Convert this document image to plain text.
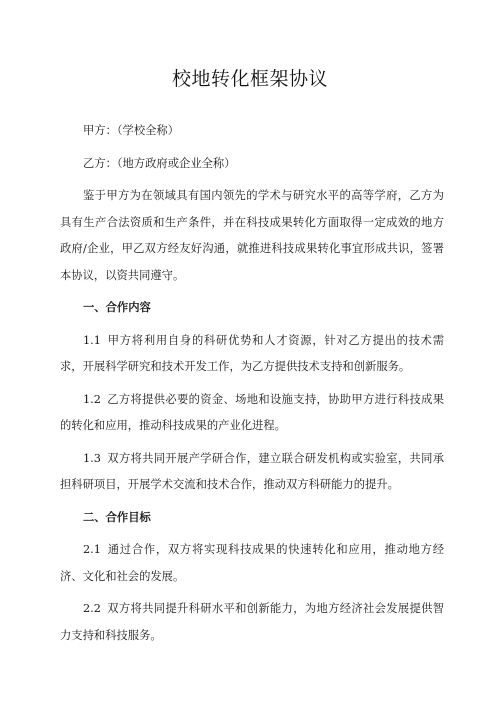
校地转化框架协议

甲方：（学校全称）

乙方：（地方政府或企业全称）

鉴于甲方为在领域具有国内领先的学术与研究水平的高等学府，乙方为具有生产合法资质和生产条件，并在科技成果转化方面取得一定成效的地方政府/企业，甲乙双方经友好沟通，就推进科技成果转化事宜形成共识，签署本协议，以资共同遵守。

一、合作内容

1.1 甲方将利用自身的科研优势和人才资源，针对乙方提出的技术需求，开展科学研究和技术开发工作，为乙方提供技术支持和创新服务。

1.2 乙方将提供必要的资金、场地和设施支持，协助甲方进行科技成果的转化和应用，推动科技成果的产业化进程。

1.3 双方将共同开展产学研合作，建立联合研发机构或实验室，共同承担科研项目，开展学术交流和技术合作，推动双方科研能力的提升。

二、合作目标

2.1 通过合作，双方将实现科技成果的快速转化和应用，推动地方经济、文化和社会的发展。

2.2 双方将共同提升科研水平和创新能力，为地方经济社会发展提供智力支持和科技服务。
